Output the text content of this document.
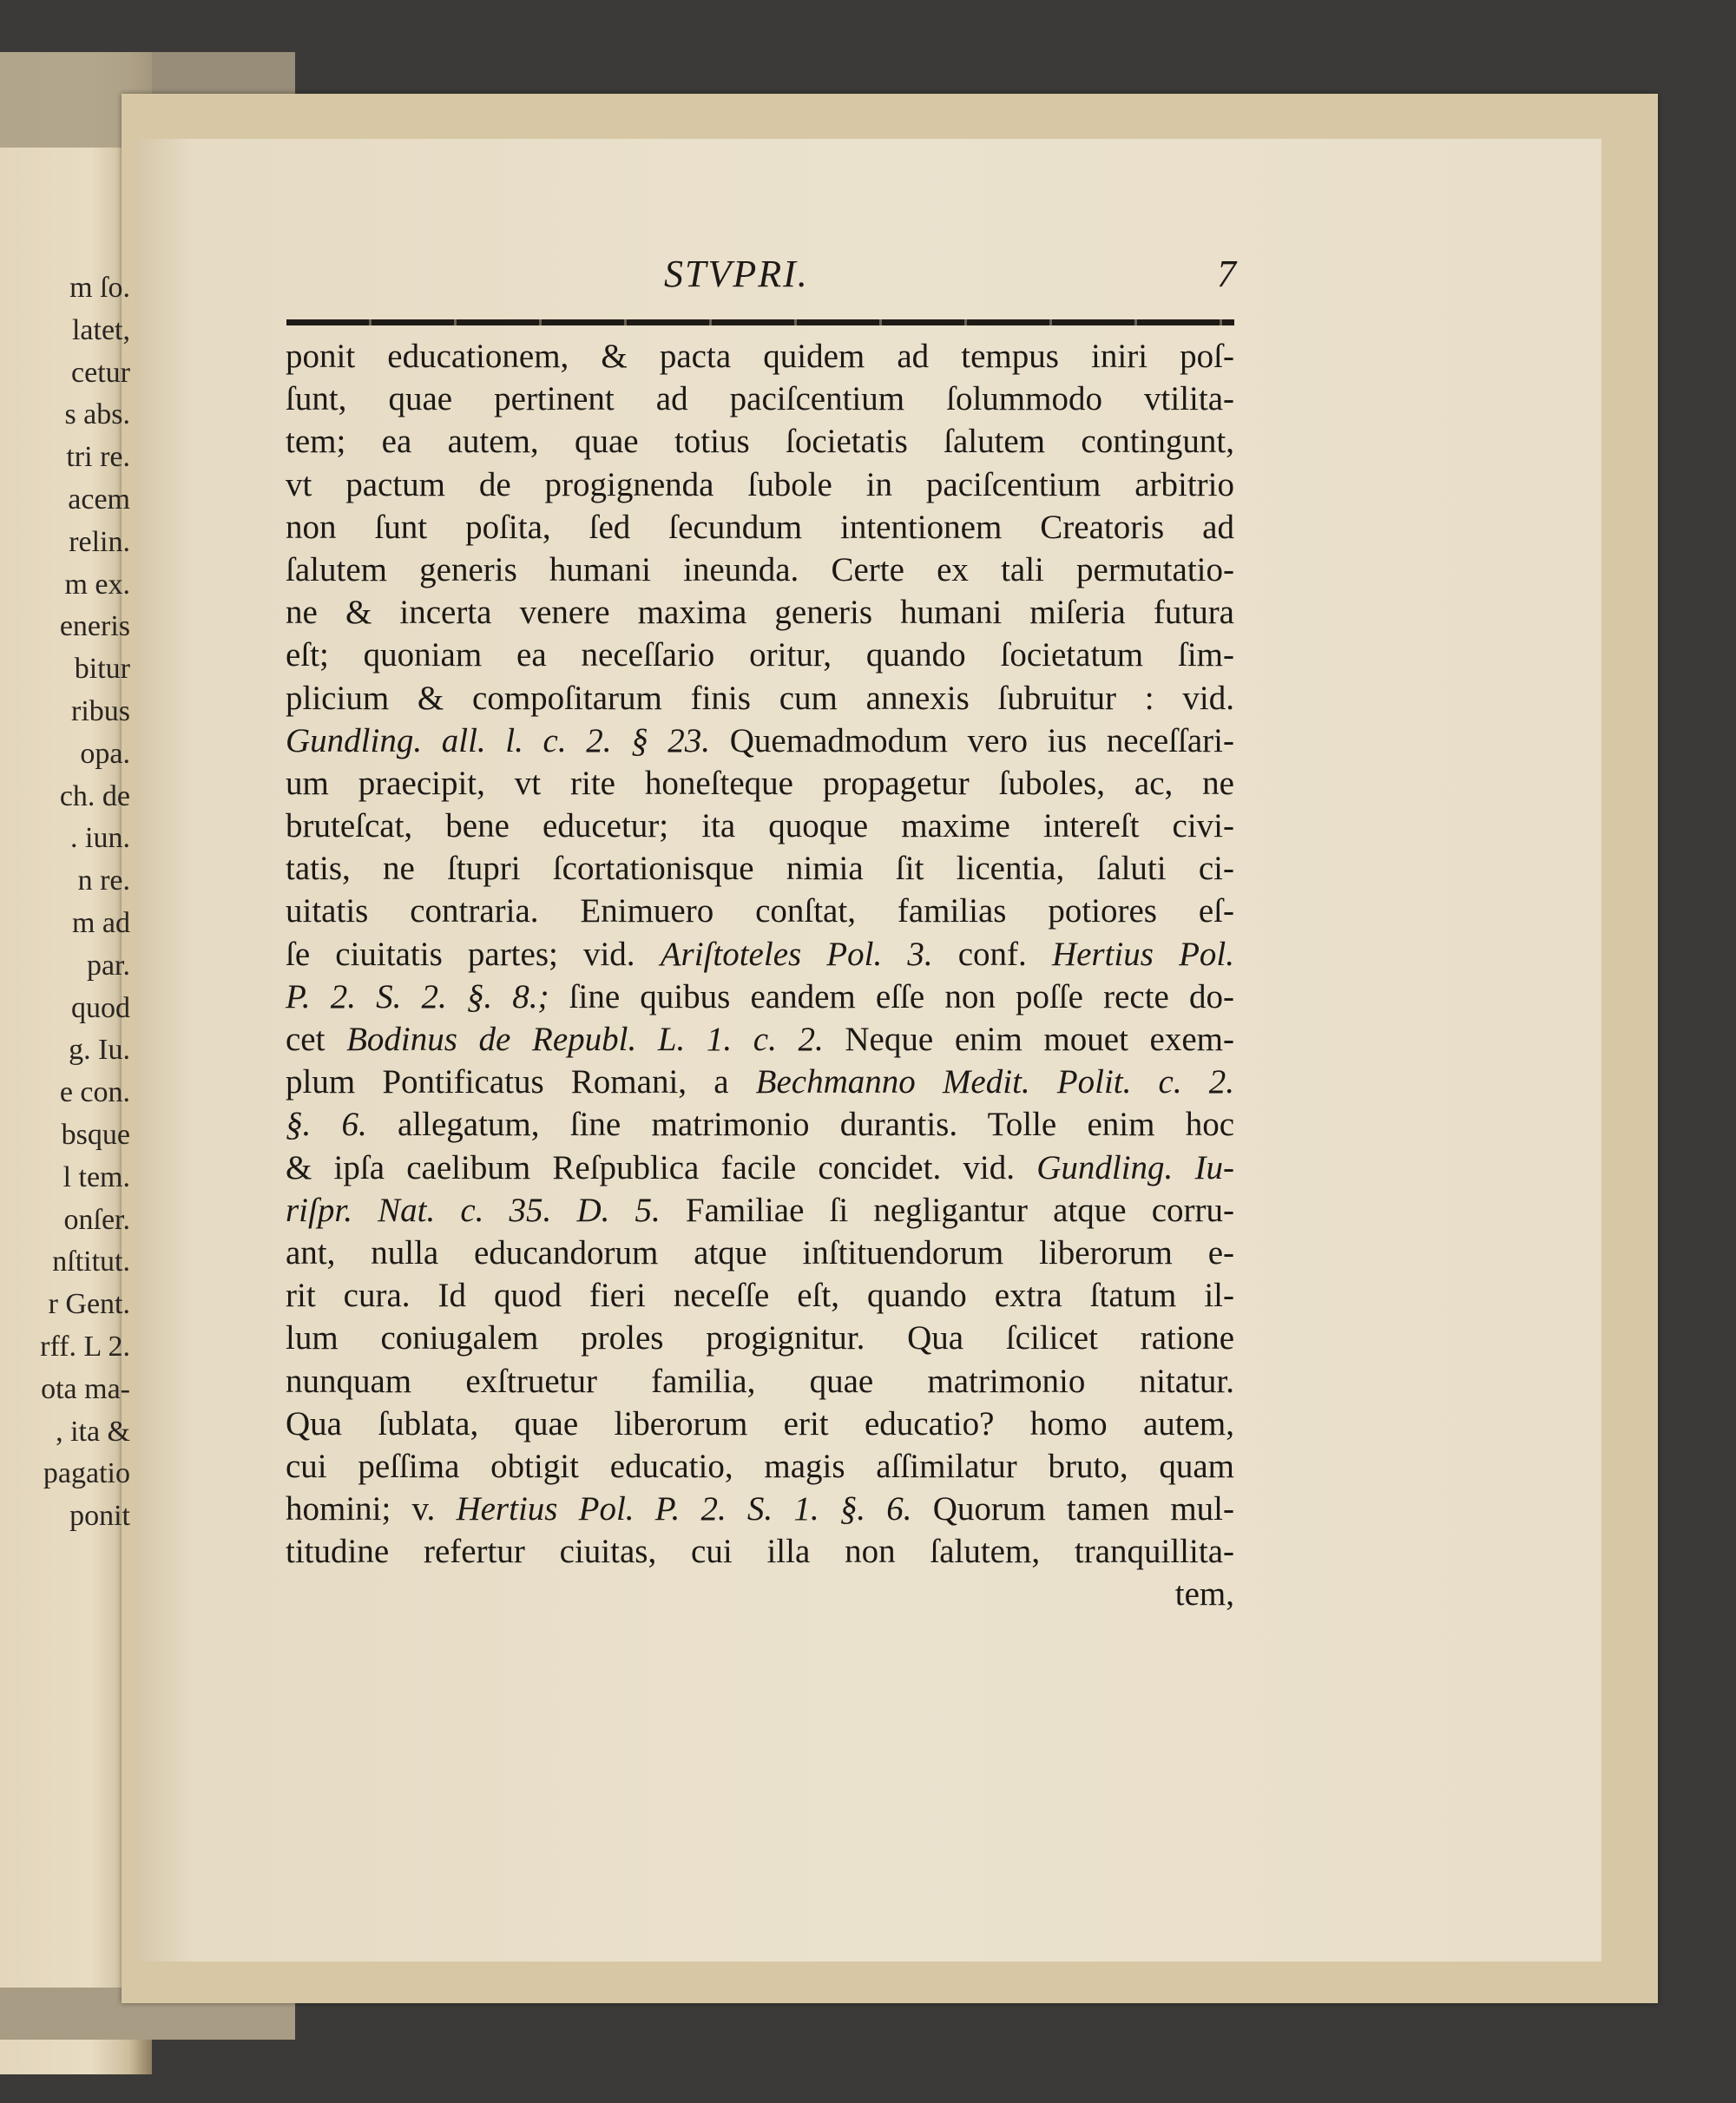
m ſo.
latet,
cetur
s abs.
tri re.
acem
relin.
m ex.
eneris
bitur
ribus
opa.
ch. de
. iun.
n re.
m ad
par.
quod
g. Iu.
e con.
bsque
l tem.
onſer.
nſtitut.
r Gent.
rff. L 2.
ota ma-
, ita &
pagatio
ponit
STVPRI.	7
ponit educationem, & pacta quidem ad tempus iniri poſ-
ſunt, quae pertinent ad paciſcentium ſolummodo vtilita-
tem; ea autem, quae totius ſocietatis ſalutem contingunt,
vt pactum de progignenda ſubole in paciſcentium arbitrio
non ſunt poſita, ſed ſecundum intentionem Creatoris ad
ſalutem generis humani ineunda. Certe ex tali permutatio-
ne & incerta venere maxima generis humani miſeria futura
eſt; quoniam ea neceſſario oritur, quando ſocietatum ſim-
plicium & compoſitarum finis cum annexis ſubruitur : vid.
Gundling. all. l. c. 2. § 23. Quemadmodum vero ius neceſſari-
um praecipit, vt rite honeſteque propagetur ſuboles, ac, ne
bruteſcat, bene educetur; ita quoque maxime intereſt civi-
tatis, ne ſtupri ſcortationisque nimia ſit licentia, ſaluti ci-
uitatis contraria. Enimuero conſtat, familias potiores eſ-
ſe ciuitatis partes; vid. Ariſtoteles Pol. 3. conf. Hertius Pol.
P. 2. S. 2. §. 8.; ſine quibus eandem eſſe non poſſe recte do-
cet Bodinus de Republ. L. 1. c. 2. Neque enim mouet exem-
plum Pontificatus Romani, a Bechmanno Medit. Polit. c. 2.
§. 6. allegatum, ſine matrimonio durantis. Tolle enim hoc
& ipſa caelibum Reſpublica facile concidet. vid. Gundling. Iu-
riſpr. Nat. c. 35. D. 5. Familiae ſi negligantur atque corru-
ant, nulla educandorum atque inſtituendorum liberorum e-
rit cura. Id quod fieri neceſſe eſt, quando extra ſtatum il-
lum coniugalem proles progignitur. Qua ſcilicet ratione
nunquam exſtruetur familia, quae matrimonio nitatur.
Qua ſublata, quae liberorum erit educatio? homo autem,
cui peſſima obtigit educatio, magis aſſimilatur bruto, quam
homini; v. Hertius Pol. P. 2. S. 1. §. 6. Quorum tamen mul-
titudine refertur ciuitas, cui illa non ſalutem, tranquillita-
tem,
